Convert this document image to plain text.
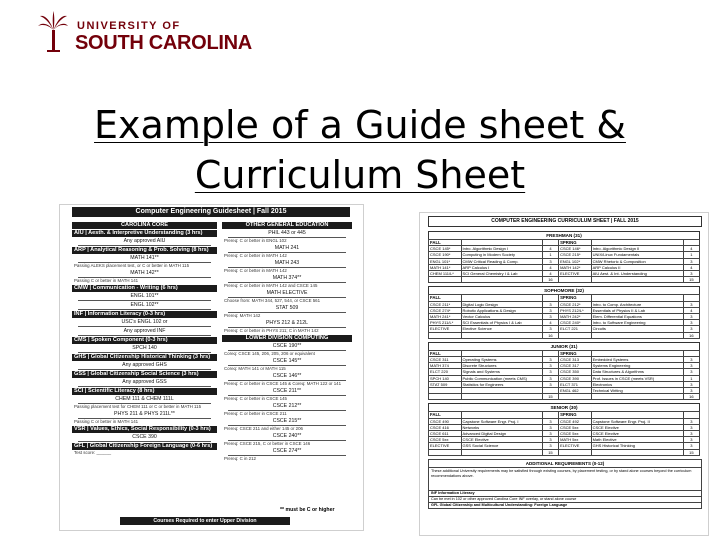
UNIVERSITY OF
SOUTH CAROLINA
Example of a Guide sheet &
Curriculum Sheet
Computer Engineering Guidesheet | Fall 2015
CAROLINA CORE
AIU | Aesth. & Interpretive Understanding (3 hrs)
Any approved AIU
ARP | Analytical Reasoning & Prob. Solving (8 hrs)
MATH 141**
Passing ALEKS placement test, or C or better in MATH 115
MATH 142**
Passing C or better in MATH 141
CMW | Communication - Writing (6 hrs)
ENGL 101**
ENGL 102**
INF | Information Literacy (0-3 hrs)
USC's ENGL 102 or
Any approved INF
CMS | Spoken Component (0-3 hrs)
SPCH 140
GHS | Global Citizenship Historical Thinking (3 hrs)
Any approved GHS
GSS | Global Citizenship Social Science (3 hrs)
Any approved GSS
SCI | Scientific Literacy (8 hrs)
CHEM 111 & CHEM 111L
Passing placement test for CHEM 111 or C or better in MATH 115
PHYS 211 & PHYS 211L**
Passing C or better in MATH 141
VSR | Values, Ethics, Social Responsibility (0-3 hrs)
CSCE 390
GFL | Global Citizenship Foreign Language (0-6 hrs)
Test score: ______
OTHER GENERAL EDUCATION
PHIL 443 or 445
Prereq: C or better in ENGL 102
MATH 241
Prereq: C or better in MATH 142
MATH 243
Prereq: C or better in MATH 142
MATH 374**
Prereq: C or better in MATH 142 and CSCE 145
MATH ELECTIVE
Choose from: MATH 344, 527, 544, or CSCE 561
STAT 509
Prereq: MATH 142
PHYS 212 & 212L
Prereq: C or better in PHYS 211; C in MATH 142
LOWER DIVISION COMPUTING
CSCE 190**
Coreq: CSCE 145, 206, 205, 206 or equivalent
CSCE 145**
Coreq: MATH 141 or MATH 115
CSCE 146**
Prereq: C or better in CSCE 145 & Coreq: MATH 122 or 141
CSCE 211**
Prereq: C or better in CSCE 145
CSCE 212**
Prereq: C or better in CSCE 211
CSCE 215**
Prereq: CSCE 211 and either 145 or 206
CSCE 240**
Prereq: CSCE 215, C or better in CSCE 146
CSCE 274**
Prereq: C in 212
** must be C or higher
Courses Required to enter Upper Division
COMPUTER ENGINEERING CURRICULUM SHEET | FALL 2015
FRESHMAN (31)
FALL			SPRING		
CSCE 145*	Intro. Algorithmic Design I	4	CSCE 146*	Intro. Algorithmic Design II	4
CSCE 190*	Computing in Modern Society	1	CSCE 215*	UNIX/Linux Fundamentals	1
ENGL 101*	CMW Critical Reading & Comp.	3	ENGL 102*	CMW Rhetoric & Composition	3
MATH 141*	ARP Calculus I	4	MATH 142*	ARP Calculus II	4
CHEM 111/L*	SCI General Chemistry I & Lab	4	ELECTIVE	AIU Aest. & Int. Understanding	3
		16			15
SOPHOMORE (32)
FALL			SPRING		
CSCE 211*	Digital Logic Design	3	CSCE 212*	Intro. to Comp. Architecture	3
CSCE 274*	Robotic Applications & Design	3	PHYS 212/L*	Essentials of Physics II & Lab	4
MATH 241*	Vector Calculus	3	MATH 242*	Elem. Differential Equations	3
PHYS 211/L*	SCI Essentials of Physics I & Lab	4	CSCE 240*	Intro. to Software Engineering	3
ELECTIVE	Elective Science	3	ELCT 221	Circuits	3
		16			16
JUNIOR (31)
FALL			SPRING		
CSCE 311	Operating Systems	3	CSCE 313	Embedded Systems	3
MATH 374	Discrete Structures	3	CSCE 317	Systems Engineering	3
ELCT 220	Signals and Systems	3	CSCE 350	Data Structures & Algorithms	3
SPCH 140	Public Communication (meets CMS)	3	CSCE 390	Prof. Issues in CSCE (meets VSR)	1
STAT 509	Statistics for Engineers	3	ELCT 371	Electronics	3
			ENGL 462	Technical Writing	3
		15			16
SENIOR (30)
FALL			SPRING		
CSCE 490	Capstone Software Engr. Proj. I	3	CSCE 492	Capstone Software Engr. Proj. II	3
CSCE 416	Networks	3	CSCE 5xx	CSCE Elective	3
CSCE 611	Advanced Digital Design	3	CSCE 5xx	CSCE Elective	3
CSCE 5xx	CSCE Elective	3	MATH 5xx	Math Elective	3
ELECTIVE	GSS Social Science	3	ELECTIVE	GHS Historical Thinking	3
		15			15
ADDITIONAL REQUIREMENTS (0-12)
These additional University requirements may be satisfied through existing courses, by placement testing, or by stand alone courses beyond the curriculum recommendations above.
INF Information Literacy
Can be met in 102 or other approved Carolina Core INF overlay, or stand alone course
GFL Global Citizenship and Multicultural Understanding: Foreign Language
